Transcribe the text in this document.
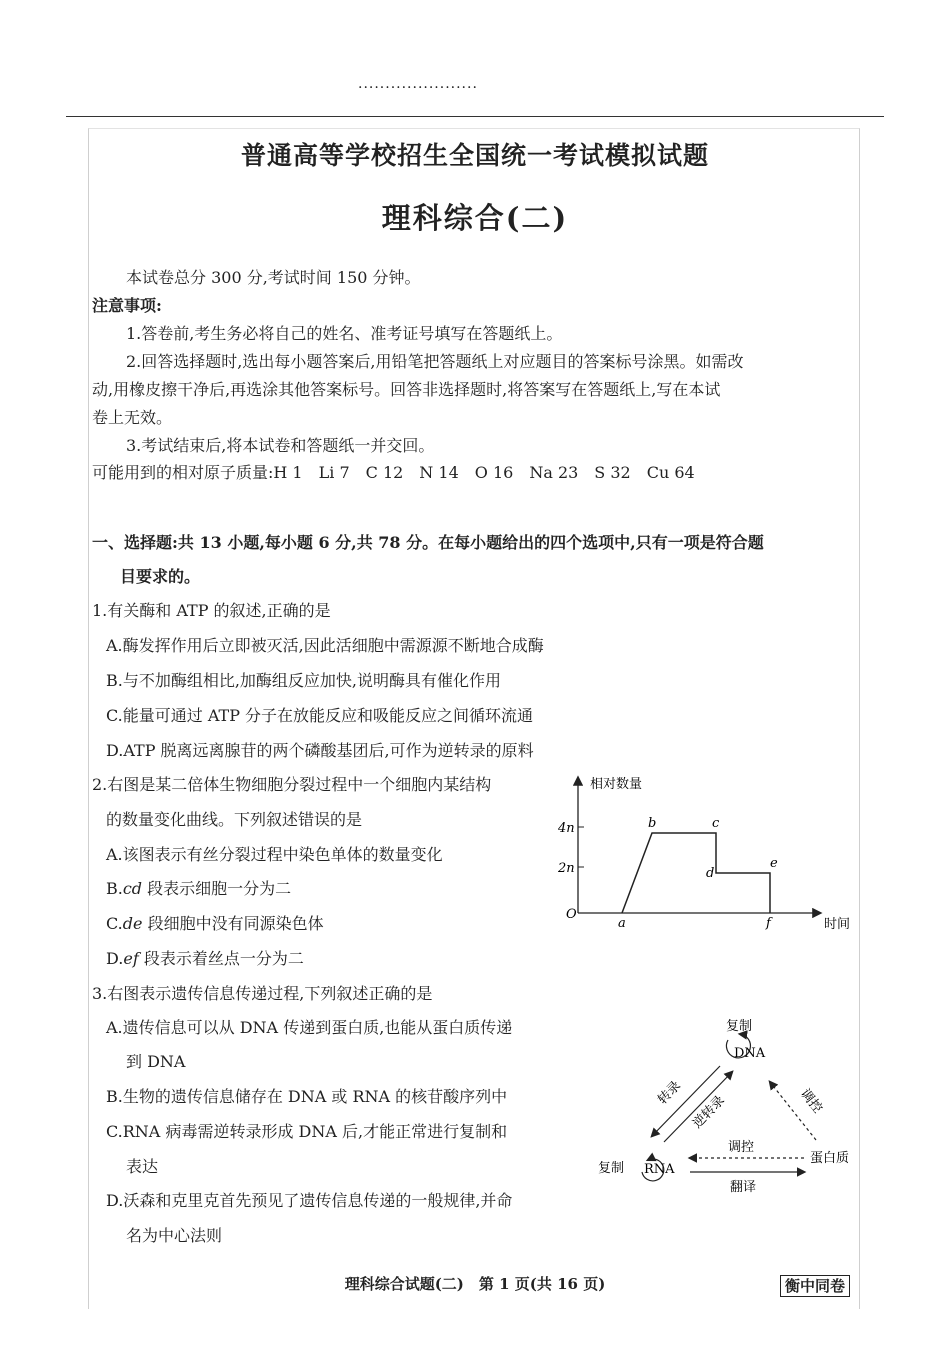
......................
普通高等学校招生全国统一考试模拟试题
理科综合(二)
本试卷总分 300 分,考试时间 150 分钟。
注意事项:
1.答卷前,考生务必将自己的姓名、准考证号填写在答题纸上。
2.回答选择题时,选出每小题答案后,用铅笔把答题纸上对应题目的答案标号涂黑。如需改
动,用橡皮擦干净后,再选涂其他答案标号。回答非选择题时,将答案写在答题纸上,写在本试
卷上无效。
3.考试结束后,将本试卷和答题纸一并交回。
可能用到的相对原子质量:H 1　Li 7　C 12　N 14　O 16　Na 23　S 32　Cu 64
一、选择题:共 13 小题,每小题 6 分,共 78 分。在每小题给出的四个选项中,只有一项是符合题
目要求的。
1.有关酶和 ATP 的叙述,正确的是
A.酶发挥作用后立即被灭活,因此活细胞中需源源不断地合成酶
B.与不加酶组相比,加酶组反应加快,说明酶具有催化作用
C.能量可通过 ATP 分子在放能反应和吸能反应之间循环流通
D.ATP 脱离远离腺苷的两个磷酸基团后,可作为逆转录的原料
2.右图是某二倍体生物细胞分裂过程中一个细胞内某结构
的数量变化曲线。下列叙述错误的是
A.该图表示有丝分裂过程中染色单体的数量变化
B.cd 段表示细胞一分为二
C.de 段细胞中没有同源染色体
D.ef 段表示着丝点一分为二
相对数量
时间
O
4n
2n
a
b	c
d
e
f
3.右图表示遗传信息传递过程,下列叙述正确的是
A.遗传信息可以从 DNA 传递到蛋白质,也能从蛋白质传递
到 DNA
B.生物的遗传信息储存在 DNA 或 RNA 的核苷酸序列中
C.RNA 病毒需逆转录形成 DNA 后,才能正常进行复制和
表达
D.沃森和克里克首先预见了遗传信息传递的一般规律,并命
名为中心法则
复制
DNA
复制 RNA
蛋白质
转录
逆转录	调控
调控
翻译
理科综合试题(二)　第 1 页(共 16 页)	衡中同卷
